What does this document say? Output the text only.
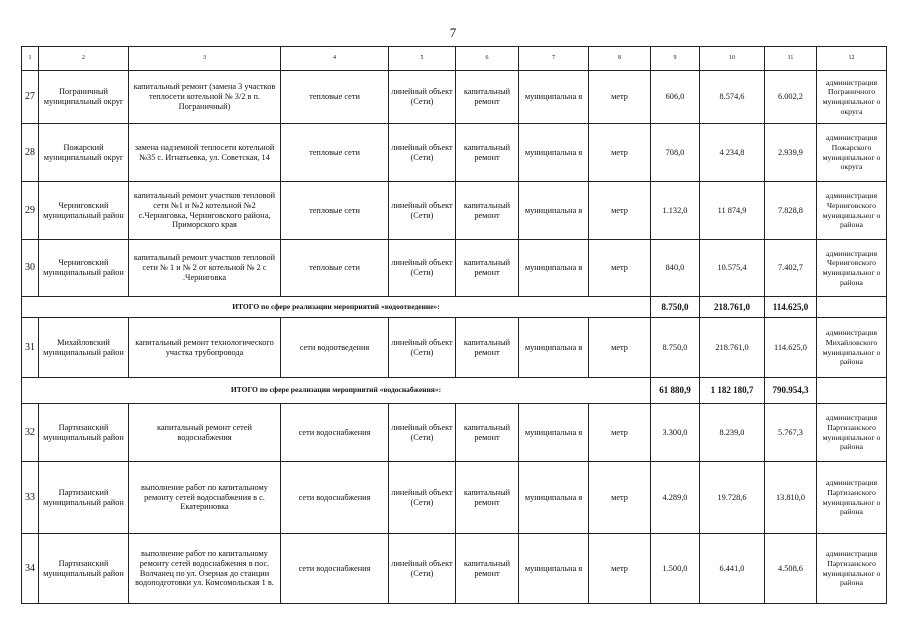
7
1	2	3	4	5	6	7	8	9	10	11	12
27	Пограничный муниципальный округ	капитальный ремонт (замена 3 участков теплосети котельной № 3/2 в п. Пограничный)	тепловые сети	линейный объект (Сети)	капитальный ремонт	муниципальна я	метр	606,0	8.574,6	6.002,2	администрация Пограничного муниципальног о округа
28	Пожарский муниципальный округ	замена надземной теплосети котельной №35 с. Игнатьевка, ул. Советская, 14	тепловые сети	линейный объект (Сети)	капитальный ремонт	муниципальна я	метр	708,0	4 234,8	2.939,9	администрация Пожарского муниципальног о округа
29	Черниговский муниципальный район	капитальный ремонт участков тепловой сети №1 и №2 котельной №2 с.Черниговка, Черниговского района, Приморского края	тепловые сети	линейный объект (Сети)	капитальный ремонт	муниципальна я	метр	1.132,0	11 874,9	7.828,8	администрация Черниговского муниципальног о района
30	Черниговский муниципальный район	капитальный ремонт участков тепловой сети № 1 и № 2 от котельной № 2 с .Черниговка	тепловые сети	линейный объект (Сети)	капитальный ремонт	муниципальна я	метр	840,0	10.575,4	7.402,7	администрация Черниговского муниципальног о района
ИТОГО по сфере реализации мероприятий «водоотведение»:								8.750,0	218.761,0	114.625,0	
31	Михайловский муниципальный район	капитальный ремонт технологического участка трубопровода	сети водоотведения	линейный объект (Сети)	капитальный ремонт	муниципальна я	метр	8.750,0	218.761,0	114.625,0	администрация Михайловского муниципальног о района
ИТОГО по сфере реализации мероприятий «водоснабжения»:								61 880,9	1 182 180,7	790.954,3	
32	Партизанский муниципальный район	капитальный ремонт сетей водоснабжения	сети водоснабжения	линейный объект (Сети)	капитальный ремонт	муниципальна я	метр	3.300,0	8.239,0	5.767,3	администрация Партизанского муниципальног о района
33	Партизанский муниципальный район	выполнение работ по капитальному ремонту сетей водоснабжения в с. Екатериновка	сети водоснабжения	линейный объект (Сети)	капитальный ремонт	муниципальна я	метр	4.289,0	19.728,6	13.810,0	администрация Партизанского муниципальног о района
34	Партизанский муниципальный район	выполнение работ по капитальному ремонту сетей водоснабжения в пос. Волчанец по ул. Озерная до станции водоподготовки ул. Комсомольская 1 в.	сети водоснабжения	линейный объект (Сети)	капитальный ремонт	муниципальна я	метр	1.500,0	6.441,0	4.508,6	администрация Партизанского муниципальног о района
